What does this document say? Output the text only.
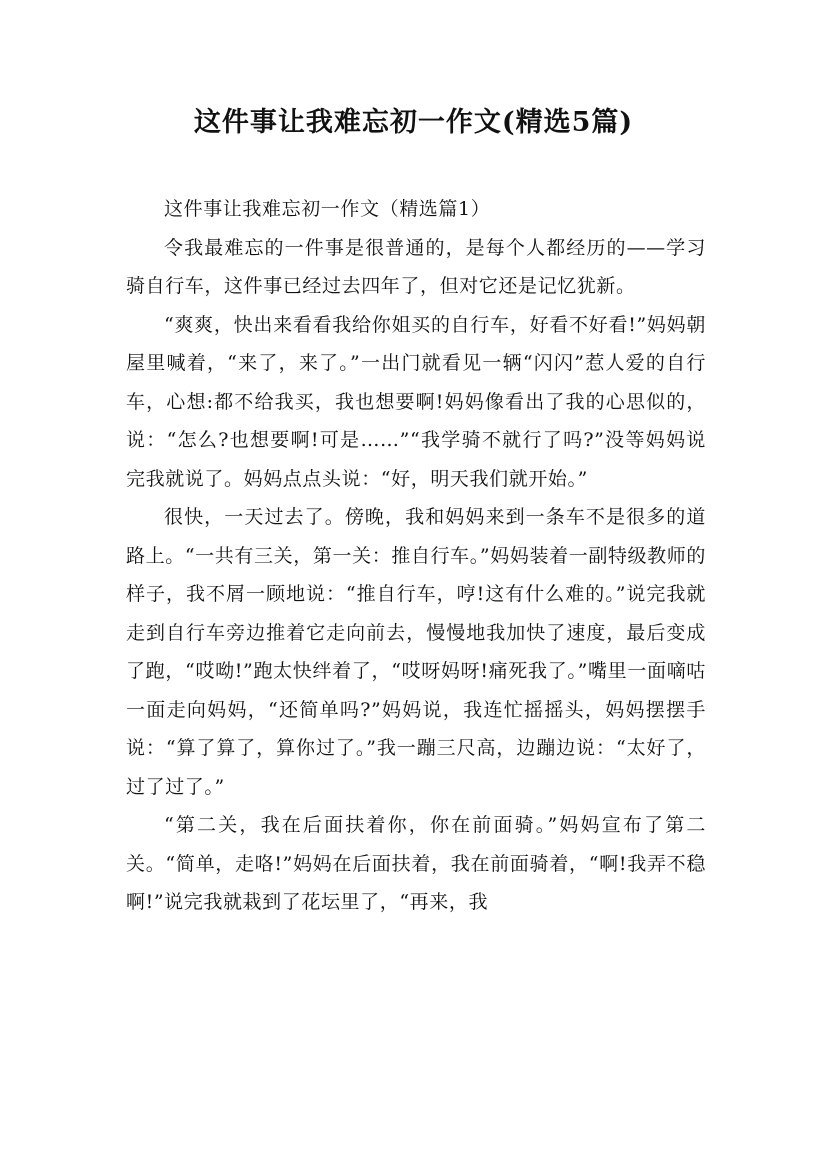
这件事让我难忘初一作文(精选5篇)

这件事让我难忘初一作文（精选篇1）

令我最难忘的一件事是很普通的，是每个人都经历的——学习骑自行车，这件事已经过去四年了，但对它还是记忆犹新。

“爽爽，快出来看看我给你姐买的自行车，好看不好看!”妈妈朝屋里喊着，“来了，来了。”一出门就看见一辆“闪闪”惹人爱的自行车，心想:都不给我买，我也想要啊!妈妈像看出了我的心思似的，说：“怎么?也想要啊!可是……”“我学骑不就行了吗?”没等妈妈说完我就说了。妈妈点点头说：“好，明天我们就开始。”

很快，一天过去了。傍晚，我和妈妈来到一条车不是很多的道路上。“一共有三关，第一关：推自行车。”妈妈装着一副特级教师的样子，我不屑一顾地说：“推自行车，哼!这有什么难的。”说完我就走到自行车旁边推着它走向前去，慢慢地我加快了速度，最后变成了跑，“哎呦!”跑太快绊着了，“哎呀妈呀!痛死我了。”嘴里一面嘀咕一面走向妈妈，“还简单吗?”妈妈说，我连忙摇摇头，妈妈摆摆手说：“算了算了，算你过了。”我一蹦三尺高，边蹦边说：“太好了，过了过了。”

“第二关，我在后面扶着你，你在前面骑。”妈妈宣布了第二关。“简单，走咯!”妈妈在后面扶着，我在前面骑着，“啊!我弄不稳啊!”说完我就栽到了花坛里了，“再来，我
